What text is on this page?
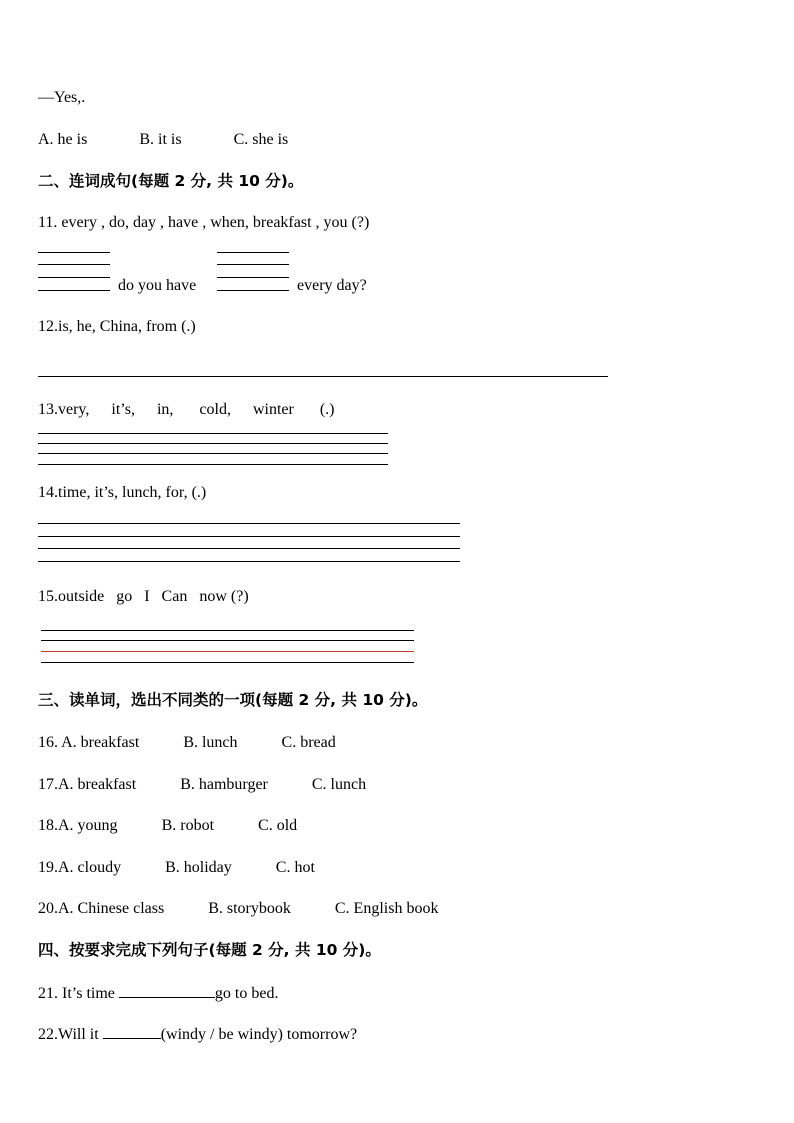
—Yes,.
A. he is	B. it is	C. she is
二、连词成句(每题 2 分, 共 10 分)。
11. every , do, day , have , when, breakfast , you (?)
do you have	every day?
12.is, he, China, from (.)
13.very, it’s, in, cold, winter (.)
14.time, it’s, lunch, for, (.)
15.outside go I Can now (?)
三、读单词，选出不同类的一项(每题 2 分, 共 10 分)。
16. A. breakfast	B. lunch	C. bread
17.A. breakfast	B. hamburger	C. lunch
18.A. young	B. robot	C. old
19.A. cloudy	B. holiday	C. hot
20.A. Chinese class	B. storybook	C. English book
四、按要求完成下列句子(每题 2 分, 共 10 分)。
21. It’s time	go to bed.
22.Will it	(windy / be windy) tomorrow?
